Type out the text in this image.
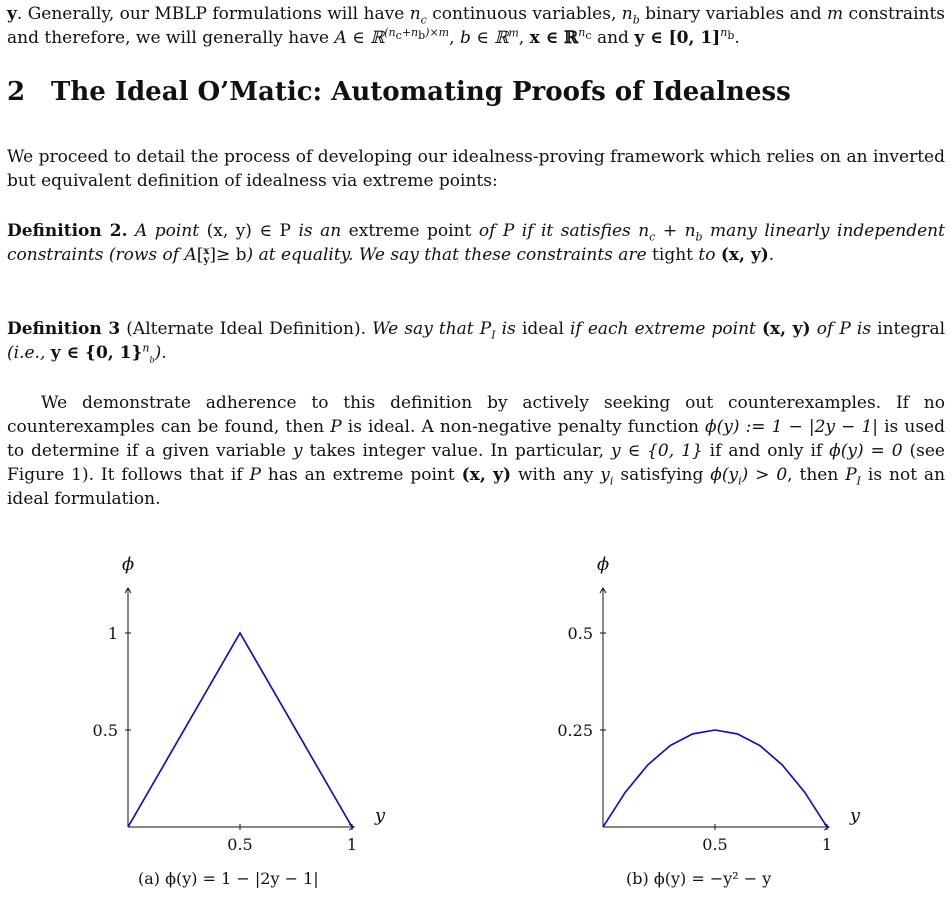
y. Generally, our MBLP formulations will have $n_c$ continuous variables, $n_b$ binary variables and m constraints and therefore, we will generally have A ∈ ℝ$^{(n_c+n_b)\times m}$, b ∈ ℝ$^m$, x ∈ ℝ$^{n_c}$ and y ∈ [0, 1]$^{n_b}$.

2 The Ideal O’Matic: Automating Proofs of Idealness

We proceed to detail the process of developing our idealness-proving framework which relies on an inverted but equivalent definition of idealness via extreme points:

Definition 2. A point (x, y) ∈ P is an extreme point of P if it satisfies $n_c + n_b$ many linearly independent constraints (rows of A[x
y]≥ b) at equality. We say that these constraints are tight to (x, y).

Definition 3 (Alternate Ideal Definition). We say that $P_I$ is ideal if each extreme point (x, y) of P is integral (i.e., y ∈ {0, 1}$^n_b$).

We demonstrate adherence to this definition by actively seeking out counterexamples. If no counterexamples can be found, then P is ideal. A non-negative penalty function ϕ(y) := 1 − |2y − 1| is used to determine if a given variable y takes integer value. In particular, y ∈ {0, 1} if and only if ϕ(y) = 0 (see Figure 1). It follows that if P has an extreme point (x, y) with any $y_i$ satisfying $\phi(y_i) > 0$, then $P_I$ is not an ideal formulation.

ϕ
y
0.5
1
0.5	1
ϕ
y
0.25
0.5
0.5	1
(a) ϕ(y) = 1 − |2y − 1|	(b) ϕ(y) = −y² − y
